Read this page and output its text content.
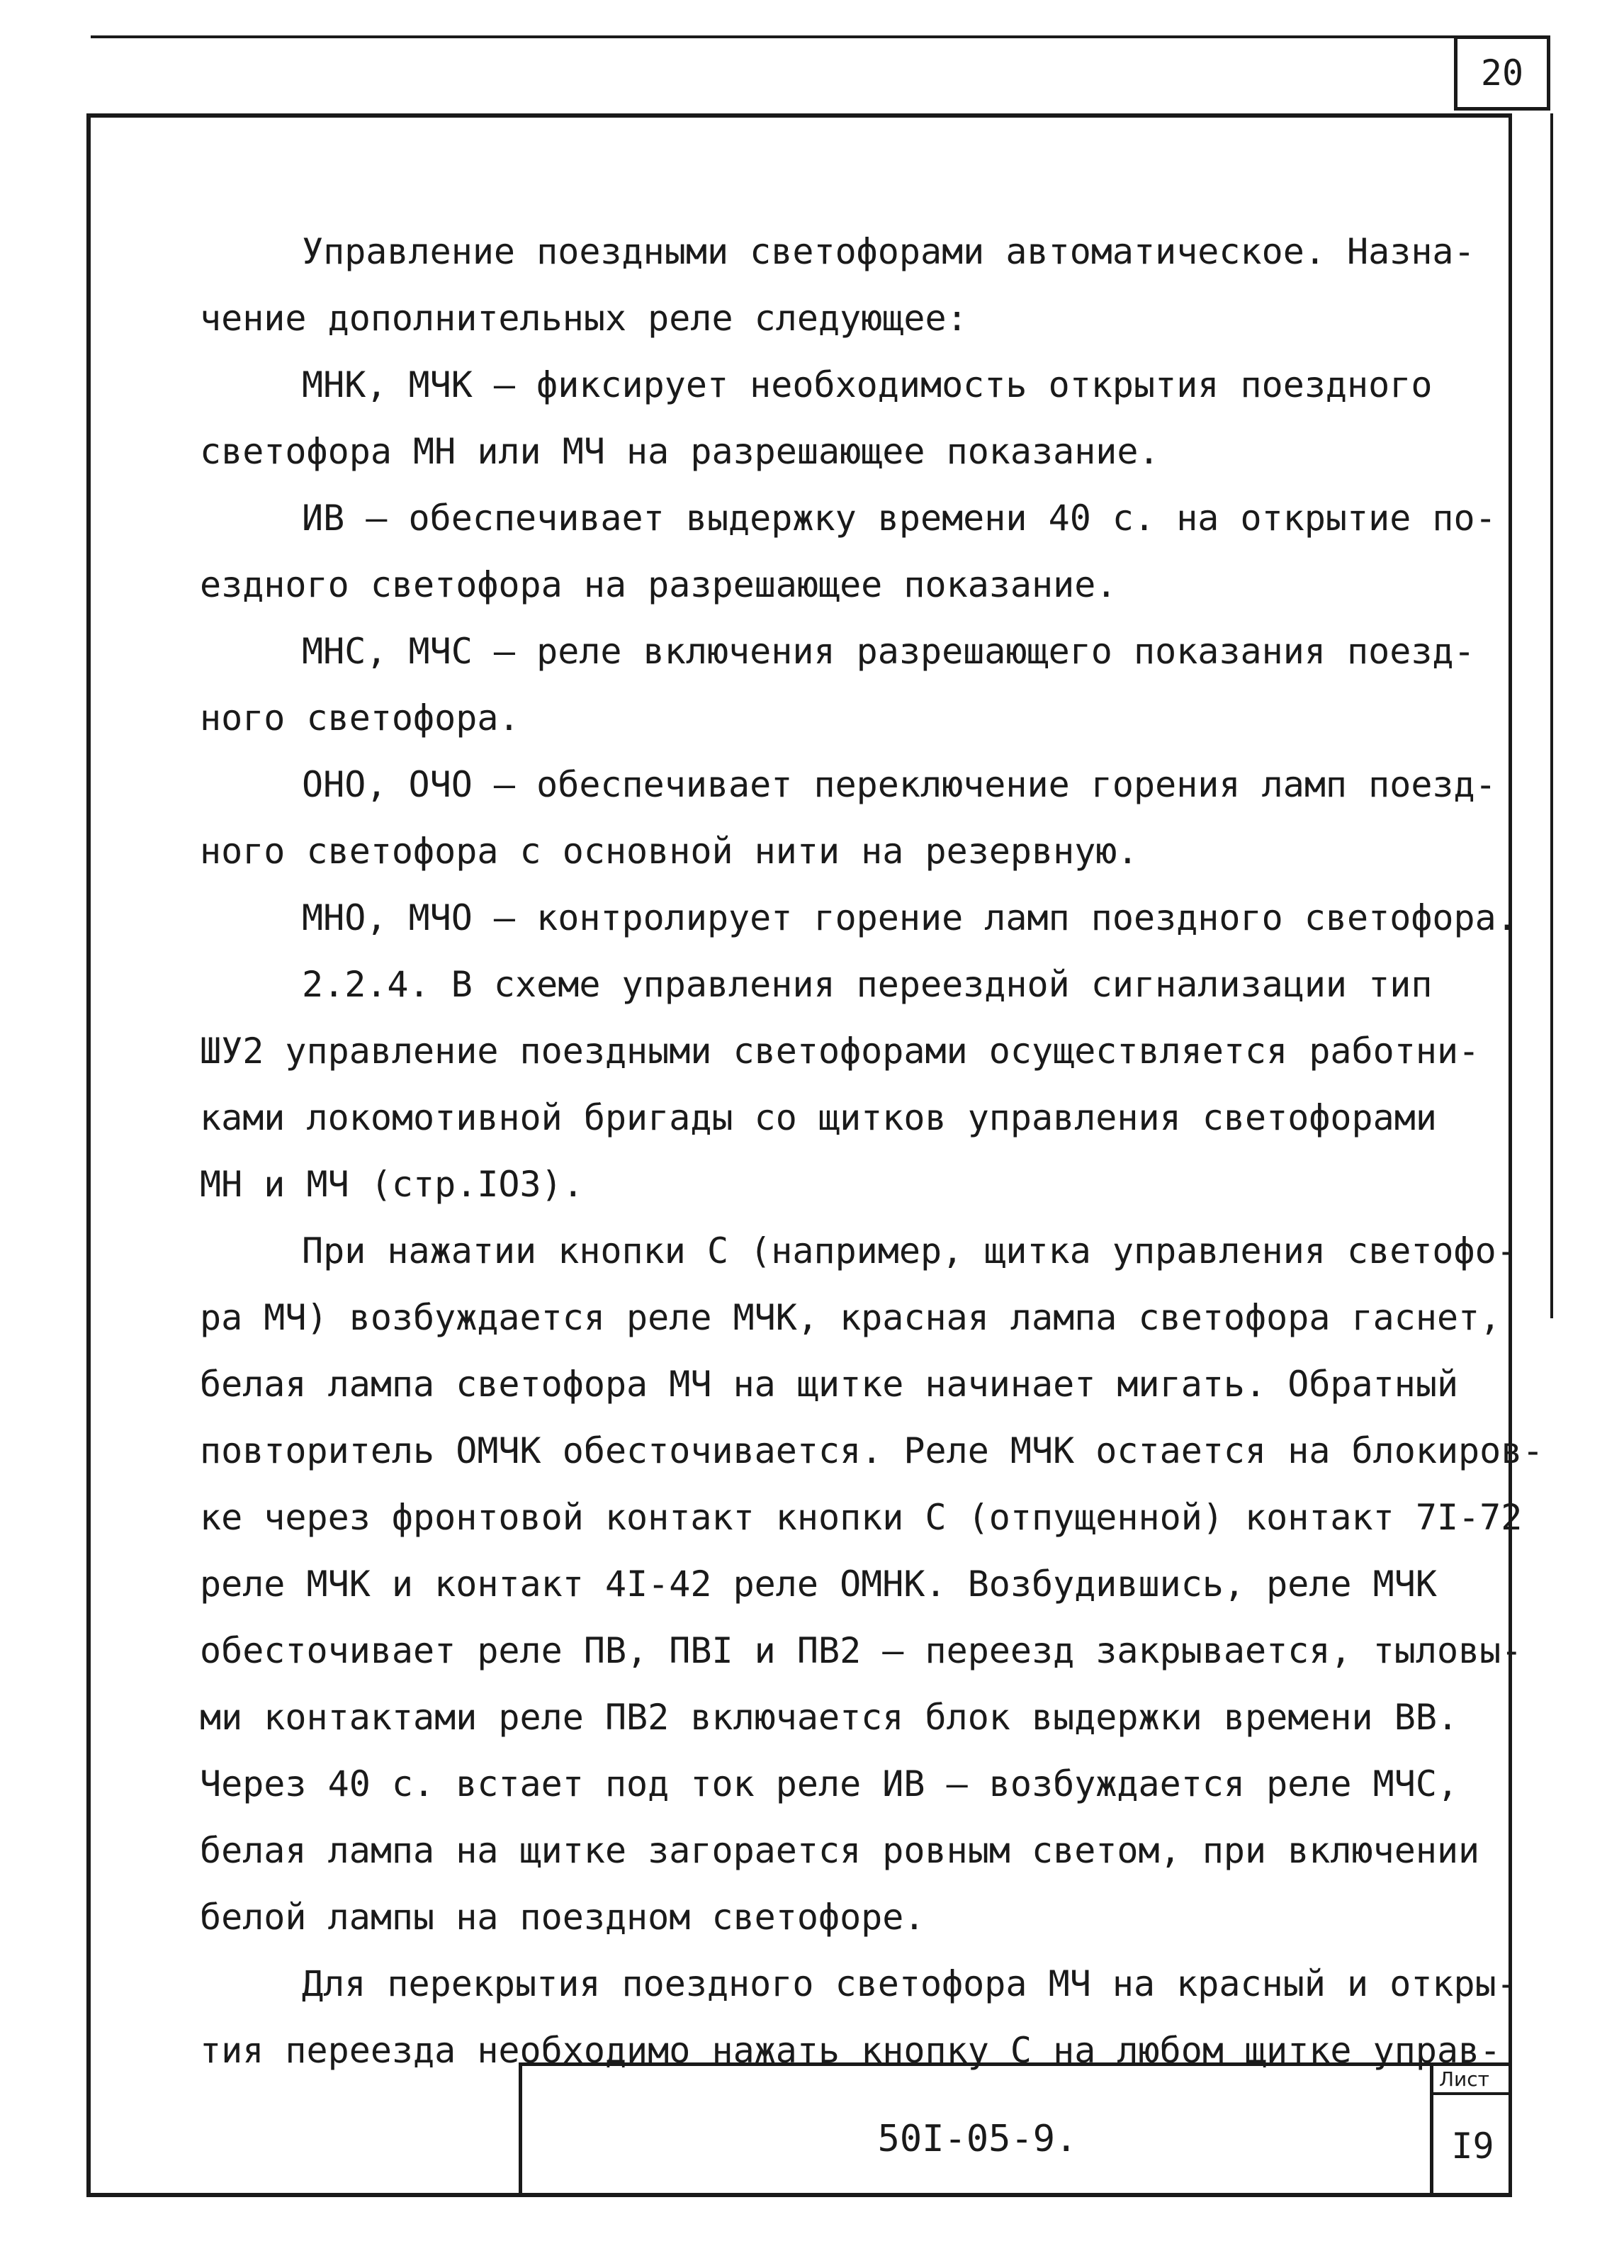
20
Управление поездными светофорами автоматическое. Назна-
чение дополнительных реле следующее:
МНК, МЧК – фиксирует необходимость открытия поездного
светофора МН или МЧ на разрешающее показание.
ИВ – обеспечивает выдержку времени 40 с. на открытие по-
ездного светофора на разрешающее показание.
МНС, МЧС – реле включения разрешающего показания поезд-
ного светофора.
ОНО, ОЧО – обеспечивает переключение горения ламп поезд-
ного светофора с основной нити на резервную.
МНО, МЧО – контролирует горение ламп поездного светофора.
2.2.4. В схеме управления переездной сигнализации тип
ШУ2 управление поездными светофорами осуществляется работни-
ками локомотивной бригады со щитков управления светофорами
МН и МЧ (стр.IO3).
При нажатии кнопки С (например, щитка управления светофо-
ра МЧ) возбуждается реле МЧК, красная лампа светофора гаснет,
белая лампа светофора МЧ на щитке начинает мигать. Обратный
повторитель ОМЧК обесточивается. Реле МЧК остается на блокиров-
ке через фронтовой контакт кнопки С (отпущенной) контакт 7I-72
реле МЧК и контакт 4I-42 реле ОМНК. Возбудившись, реле МЧК
обесточивает реле ПВ, ПВI и ПВ2 – переезд закрывается, тыловы-
ми контактами реле ПВ2 включается блок выдержки времени ВВ.
Через 40 с. встает под ток реле ИВ – возбуждается реле МЧС,
белая лампа на щитке загорается ровным светом, при включении
белой лампы на поездном светофоре.
Для перекрытия поездного светофора МЧ на красный и откры-
тия переезда необходимо нажать кнопку С на любом щитке управ-
50I-05-9.
Лист
I9
